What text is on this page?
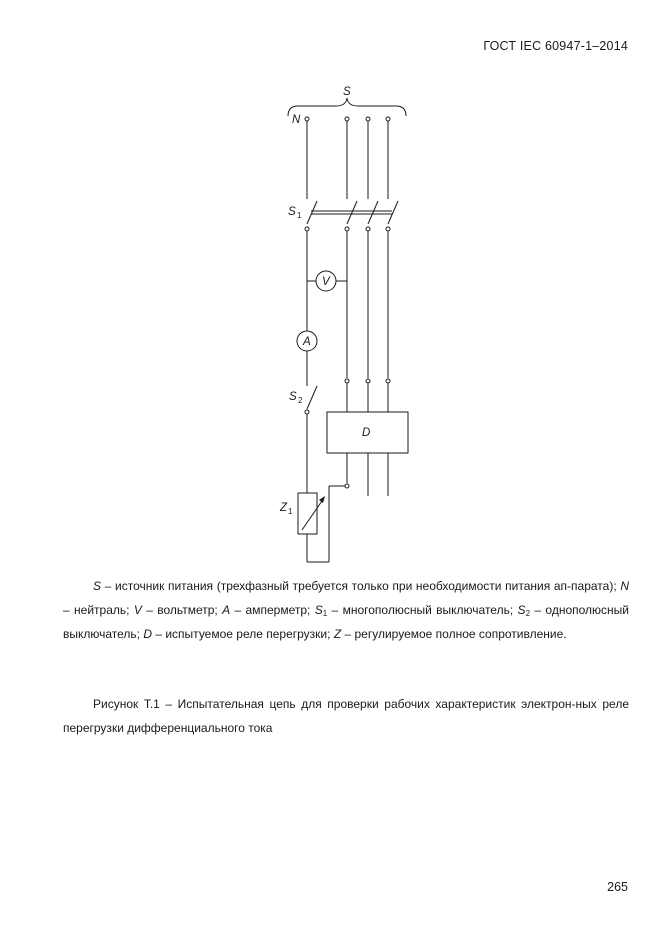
ГОСТ IEC 60947-1–2014
S
N
S 1
V
A
S 2
D
Z 1

S – источник питания (трехфазный требуется только при необходимости питания ап-парата); N – нейтраль; V – вольтметр; A – амперметр; $S_1$ – многополюсный выключатель; $S_2$ – однополюсный выключатель; D – испытуемое реле перегрузки; Z – регулируемое полное сопротивление.

Рисунок Т.1 – Испытательная цепь для проверки рабочих характеристик электрон-ных реле перегрузки дифференциального тока

265
